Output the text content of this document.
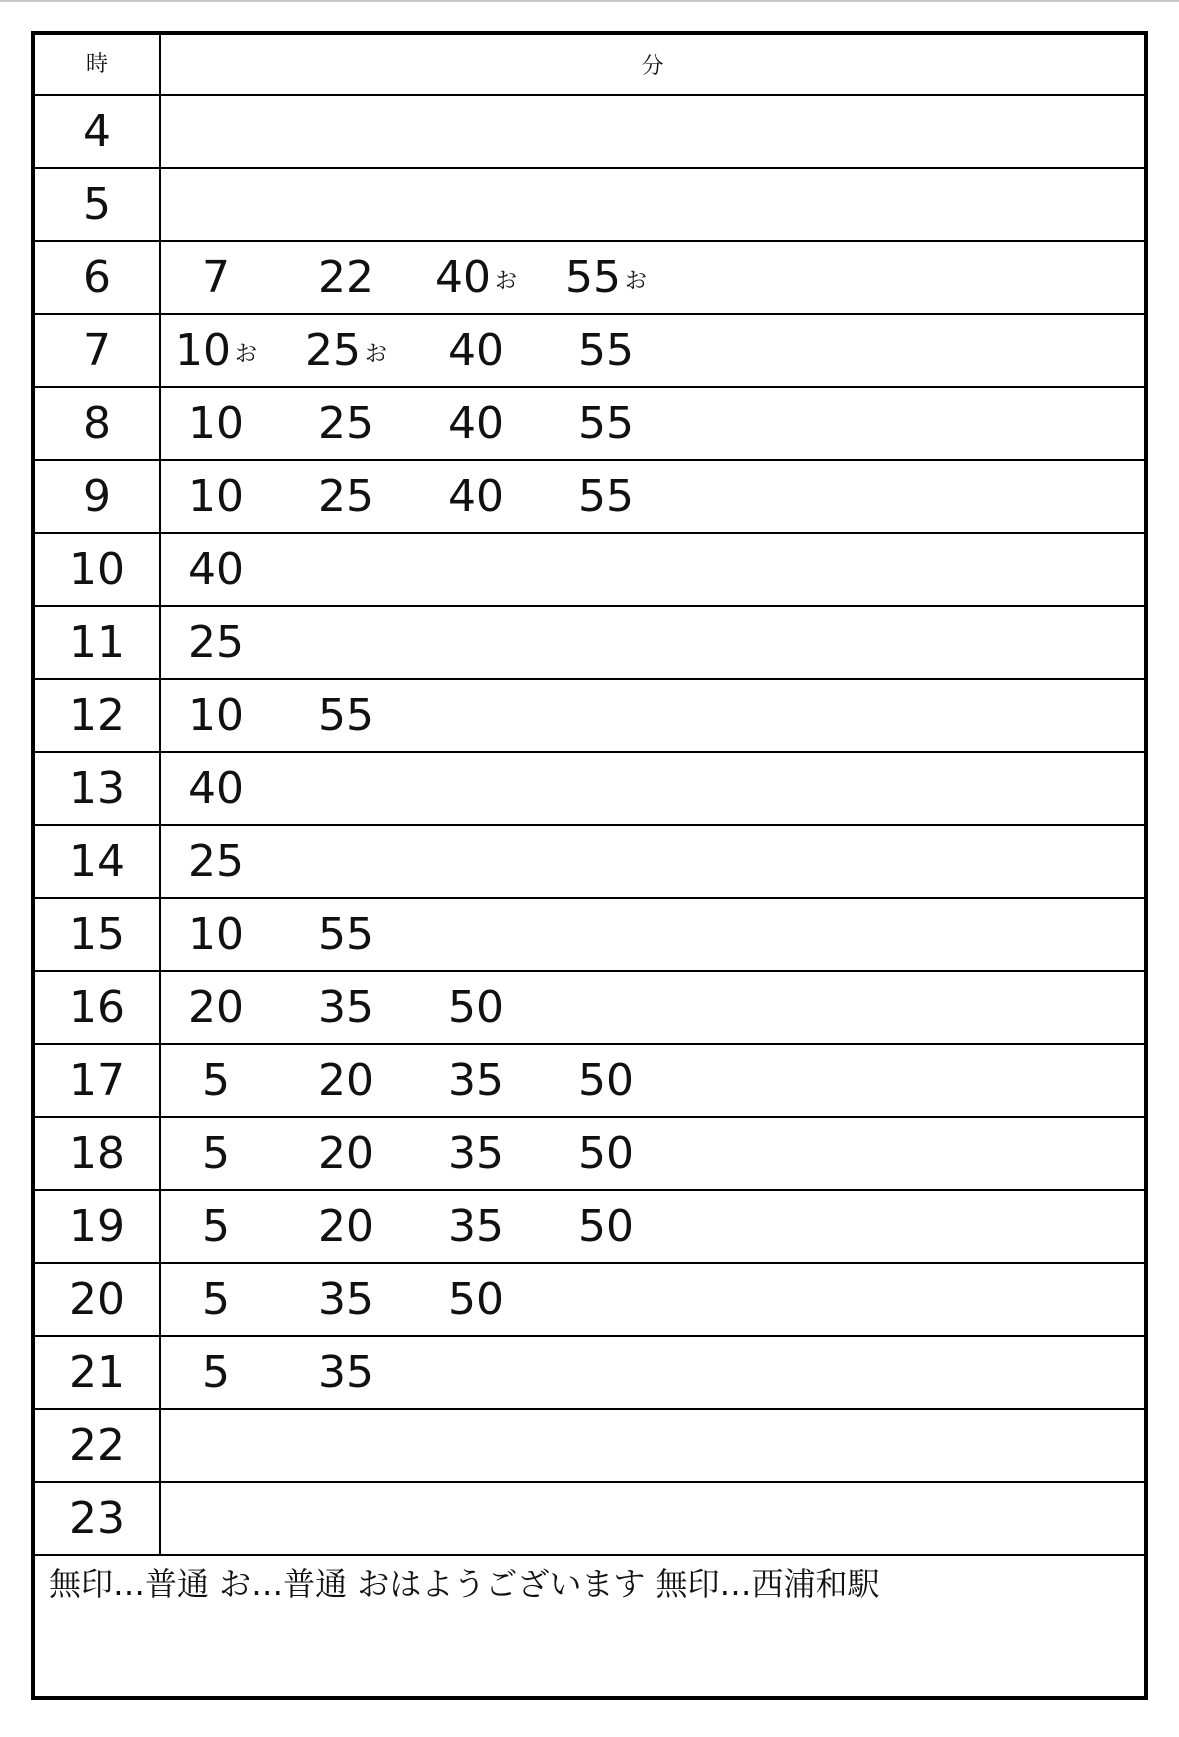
時	分
4
5
6	7 22 40 お 55 お
7	10 お 25 お 40 55
8	10 25 40 55
9	10 25 40 55
10	40
11	25
12	10 55
13	40
14	25
15	10 55
16	20 35 50
17	5 20 35 50
18	5 20 35 50
19	5 20 35 50
20	5 35 50
21	5 35
22
23
無印…普通 お…普通 おはようございます 無印…西浦和駅
